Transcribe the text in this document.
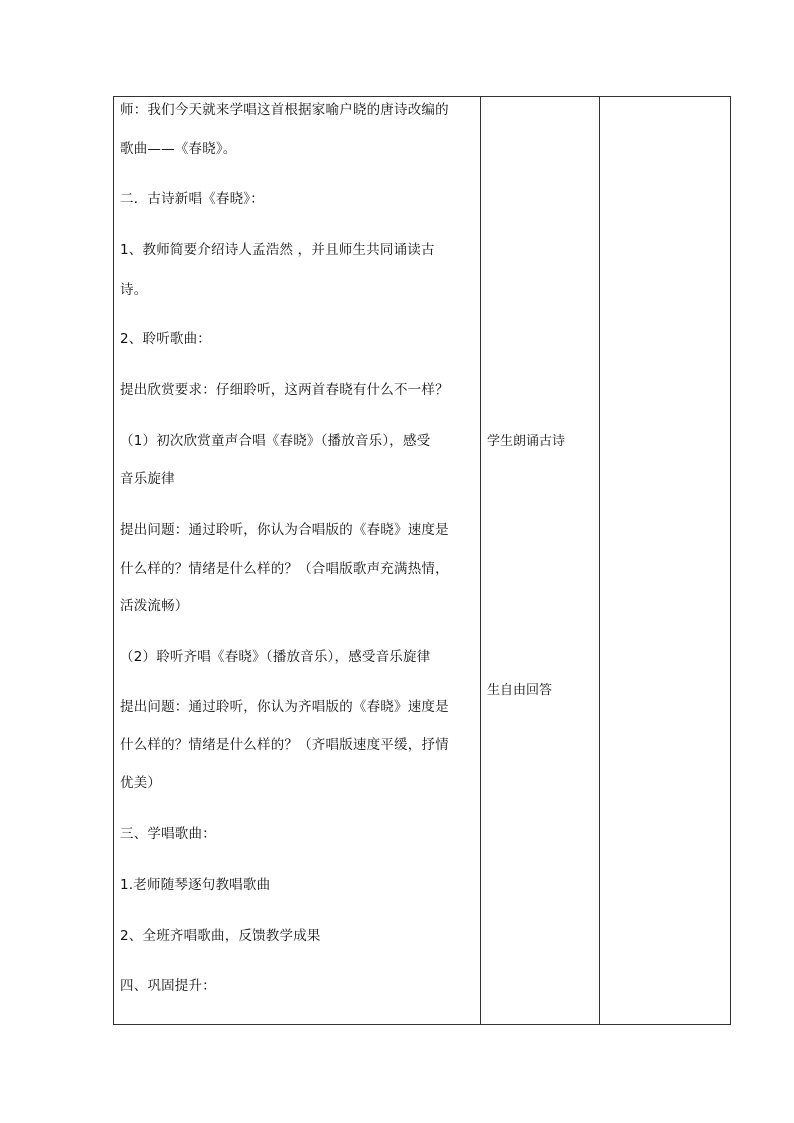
师：我们今天就来学唱这首根据家喻户晓的唐诗改编的
歌曲——《春晓》。
二．古诗新唱《春晓》：
1、教师简要介绍诗人孟浩然 ，并且师生共同诵读古
诗。
2、聆听歌曲：
提出欣赏要求：仔细聆听，这两首春晓有什么不一样？
（1）初次欣赏童声合唱《春晓》（播放音乐），感受
音乐旋律
提出问题：通过聆听，你认为合唱版的《春晓》速度是
什么样的？情绪是什么样的？（合唱版歌声充满热情，
活泼流畅）
（2）聆听齐唱《春晓》（播放音乐），感受音乐旋律
提出问题：通过聆听，你认为齐唱版的《春晓》速度是
什么样的？情绪是什么样的？（齐唱版速度平缓，抒情
优美）
三、学唱歌曲：
1.老师随琴逐句教唱歌曲
2、全班齐唱歌曲，反馈教学成果
四、巩固提升：
学生朗诵古诗
生自由回答
